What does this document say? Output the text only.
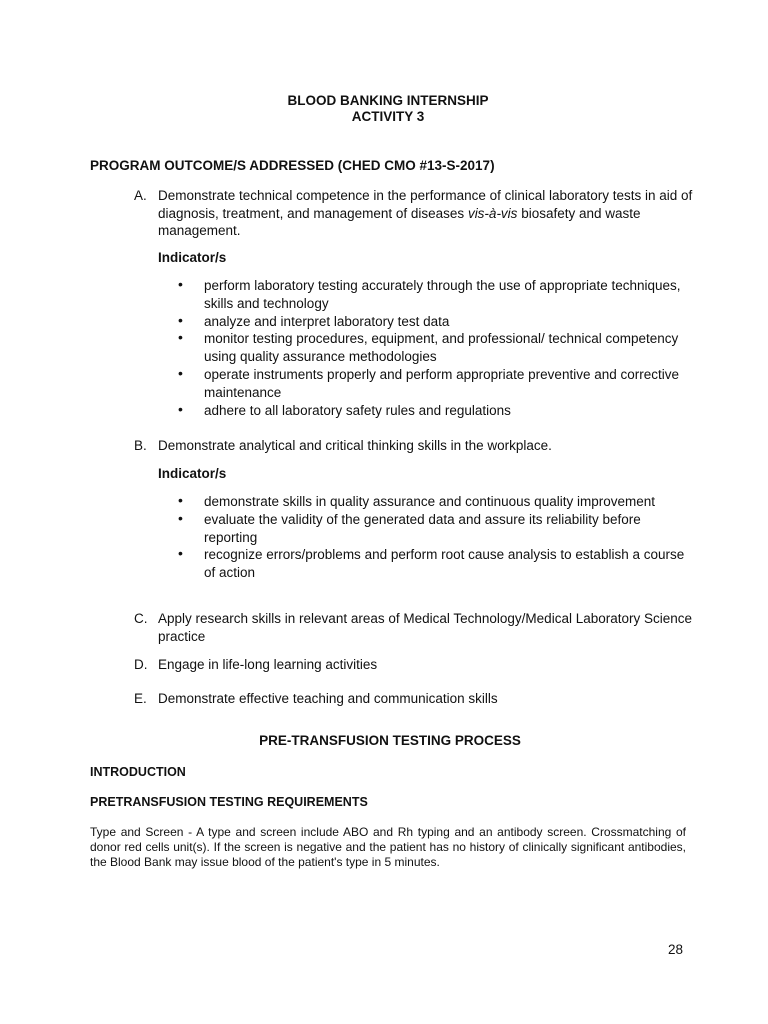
BLOOD BANKING INTERNSHIP
ACTIVITY 3
PROGRAM OUTCOME/S ADDRESSED (CHED CMO #13-S-2017)
A. Demonstrate technical competence in the performance of clinical laboratory tests in aid of diagnosis, treatment, and management of diseases vis-à-vis biosafety and waste management.
Indicator/s
• perform laboratory testing accurately through the use of appropriate techniques, skills and technology
• analyze and interpret laboratory test data
• monitor testing procedures, equipment, and professional/ technical competency using quality assurance methodologies
• operate instruments properly and perform appropriate preventive and corrective maintenance
• adhere to all laboratory safety rules and regulations
B. Demonstrate analytical and critical thinking skills in the workplace.
Indicator/s
• demonstrate skills in quality assurance and continuous quality improvement
• evaluate the validity of the generated data and assure its reliability before reporting
• recognize errors/problems and perform root cause analysis to establish a course of action
C. Apply research skills in relevant areas of Medical Technology/Medical Laboratory Science practice
D. Engage in life-long learning activities
E. Demonstrate effective teaching and communication skills
PRE-TRANSFUSION TESTING PROCESS
INTRODUCTION
PRETRANSFUSION TESTING REQUIREMENTS
Type and Screen - A type and screen include ABO and Rh typing and an antibody screen. Crossmatching of donor red cells unit(s). If the screen is negative and the patient has no history of clinically significant antibodies, the Blood Bank may issue blood of the patient's type in 5 minutes.
28
